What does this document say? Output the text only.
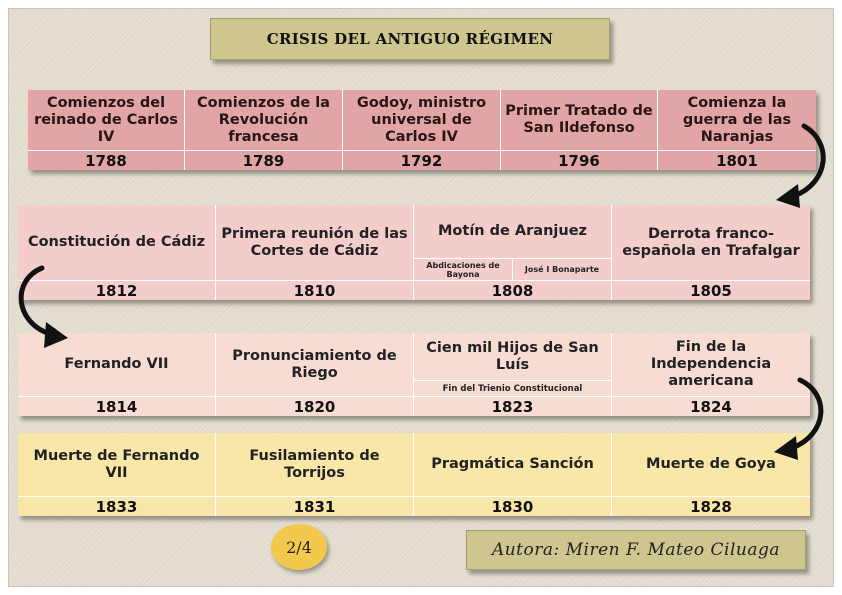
CRISIS DEL ANTIGUO RÉGIMEN
Comienzos del reinado de Carlos IV
1788
Comienzos de la Revolución francesa
1789
Godoy, ministro universal de Carlos IV
1792
Primer Tratado de San Ildefonso
1796
Comienza la guerra de las Naranjas
1801
Constitución de Cádiz
1812
Primera reunión de las Cortes de Cádiz
1810
Motín de Aranjuez
Abdicaciones de Bayona	José I Bonaparte
1808
Derrota franco-española en Trafalgar
1805
Fernando VII
1814
Pronunciamiento de Riego
1820
Cien mil Hijos de San Luís
Fin del Trienio Constitucional
1823
Fin de la Independencia americana
1824
Muerte de Fernando VII
1833
Fusilamiento de Torrijos
1831
Pragmática Sanción
1830
Muerte de Goya
1828
2/4	Autora: Miren F. Mateo Ciluaga
